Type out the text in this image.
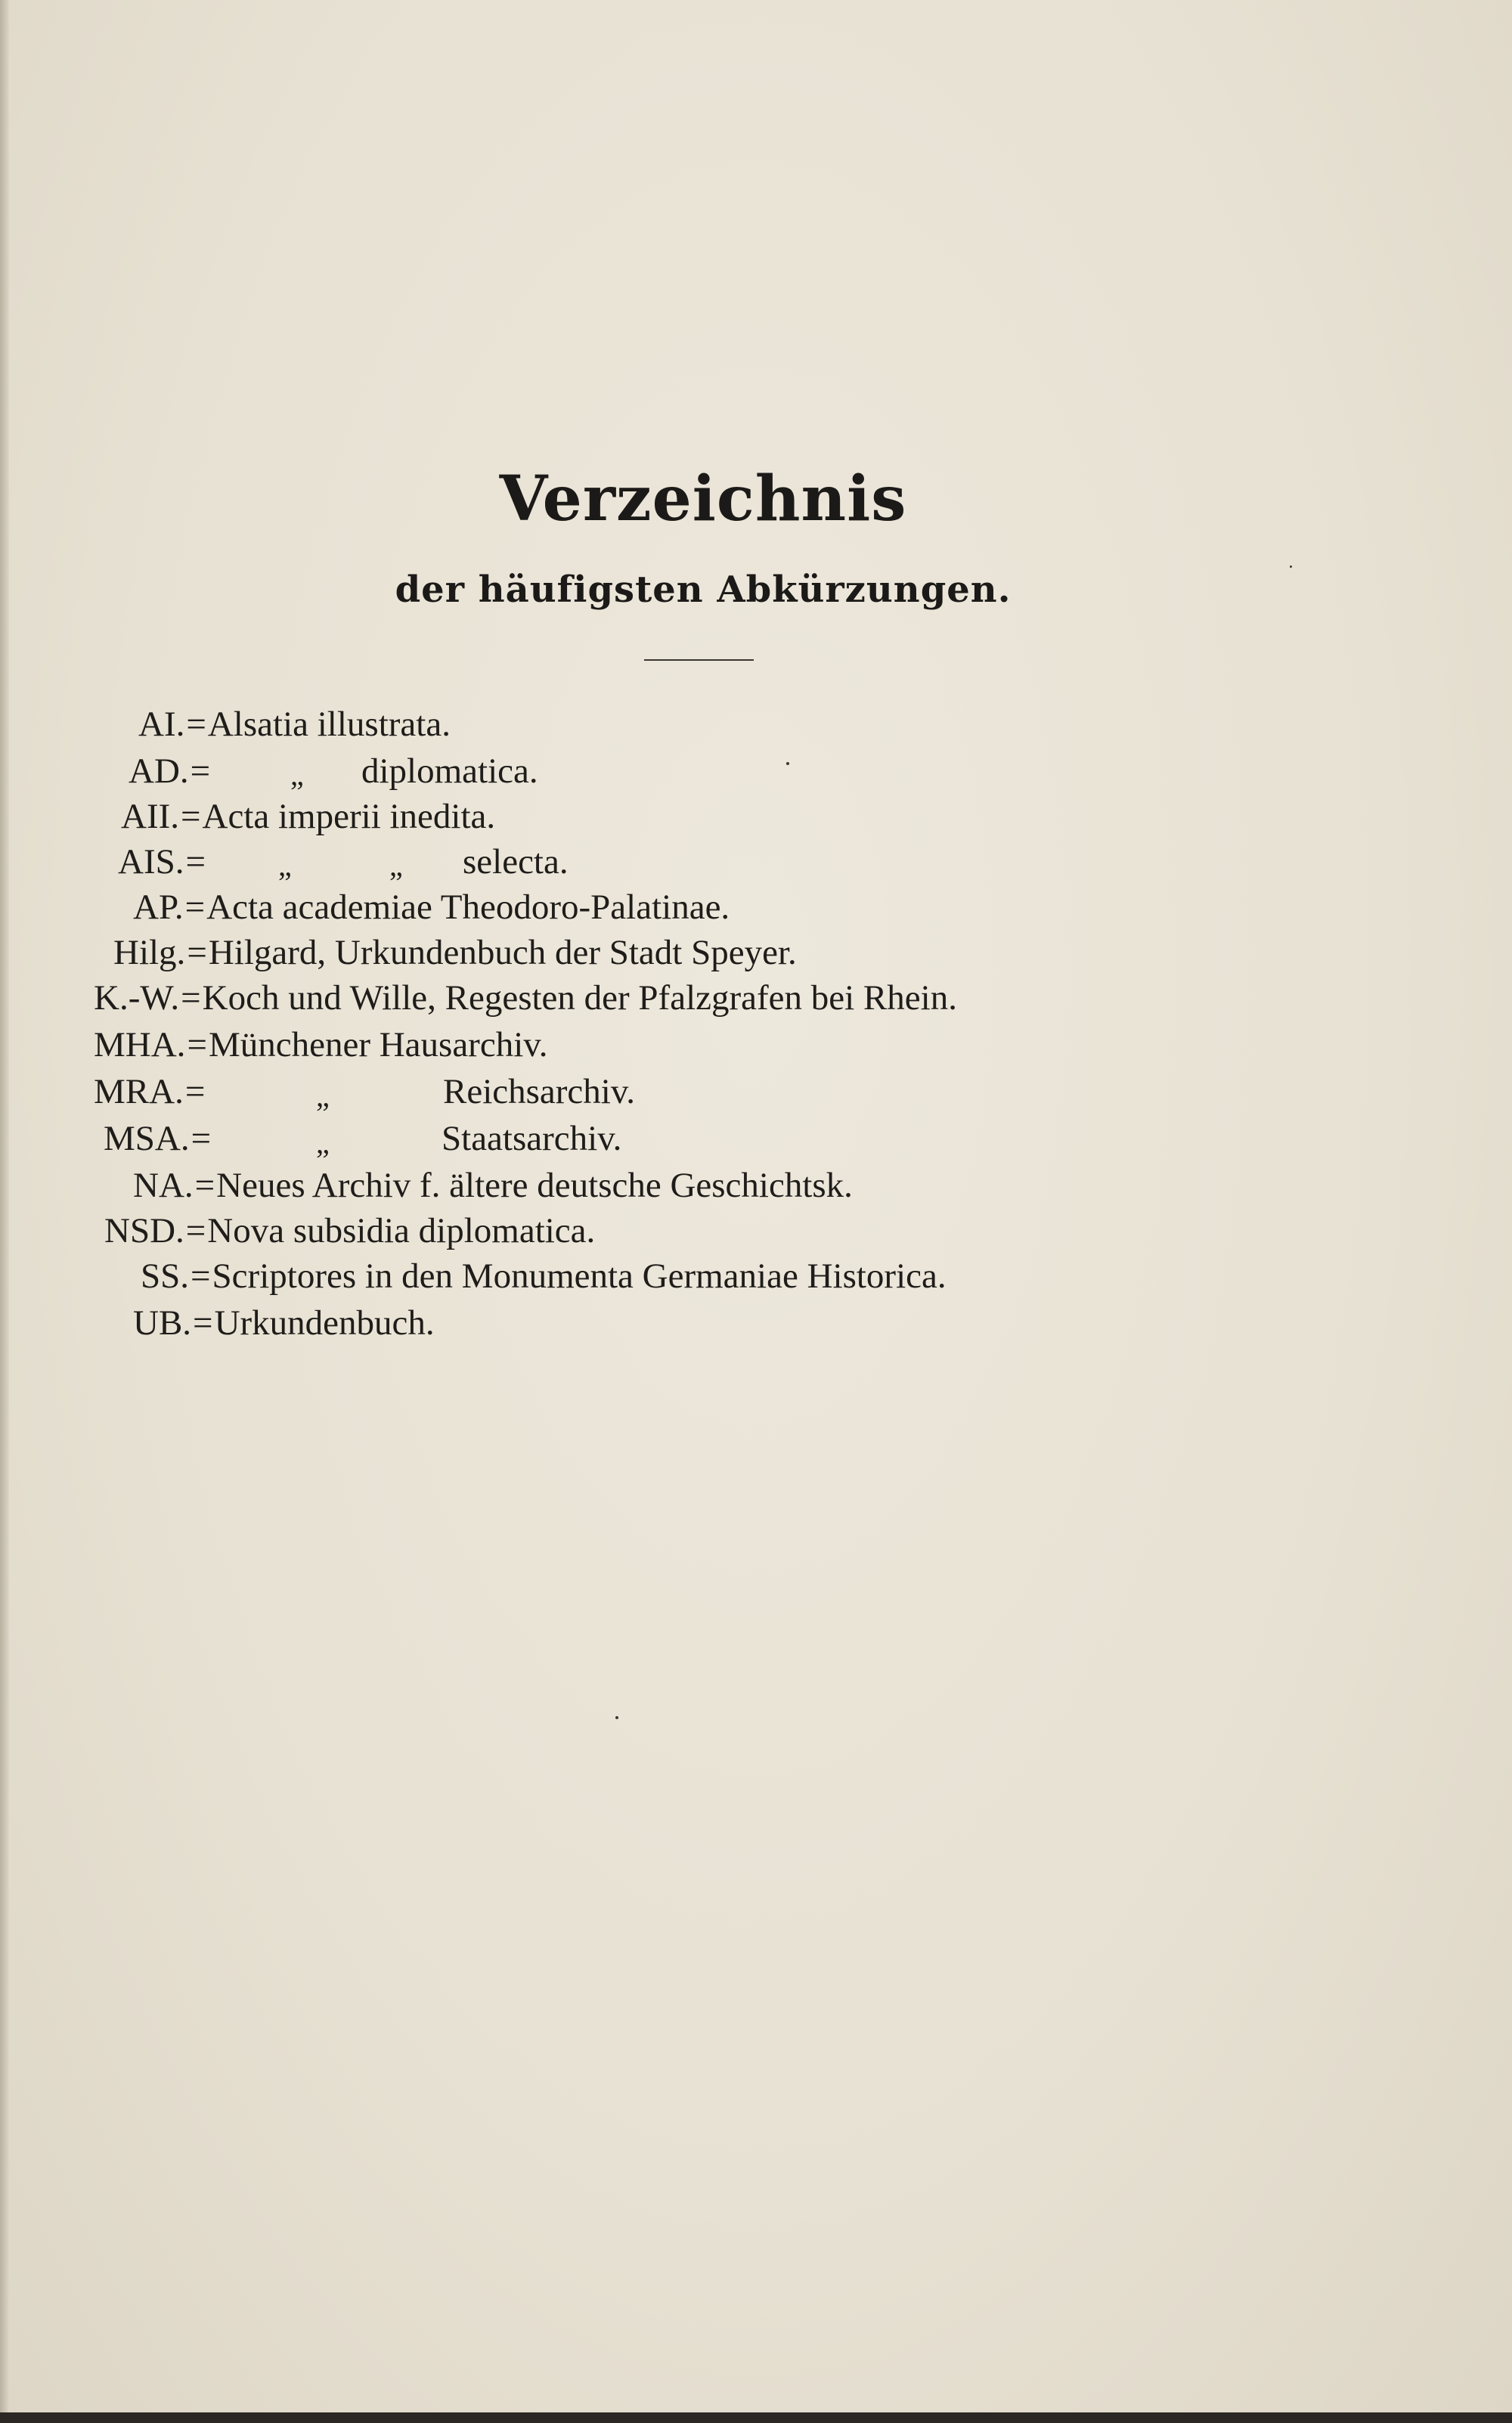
Verzeichnis
der häufigsten Abkürzungen.
AI.=Alsatia illustrata.
AD.=	„ diplomatica.
AII.=Acta imperii inedita.
AIS.= „	„ selecta.
AP.=Acta academiae Theodoro-Palatinae.
Hilg.=Hilgard, Urkundenbuch der Stadt Speyer.
K.-W.=Koch und Wille, Regesten der Pfalzgrafen bei Rhein.
MHA.=Münchener Hausarchiv.
MRA.=	„	Reichsarchiv.
MSA.=	„	Staatsarchiv.
NA.=Neues Archiv f. ältere deutsche Geschichtsk.
NSD.=Nova subsidia diplomatica.
SS.=Scriptores in den Monumenta Germaniae Historica.
UB.=Urkundenbuch.
